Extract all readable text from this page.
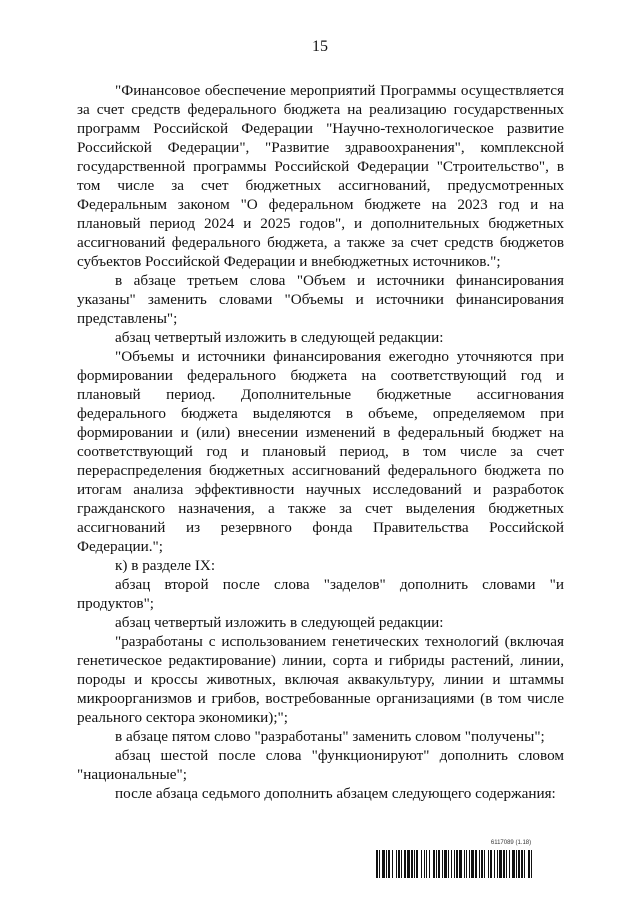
15

"Финансовое обеспечение мероприятий Программы осуществляется за счет средств федерального бюджета на реализацию государственных программ Российской Федерации "Научно-технологическое развитие Российской Федерации", "Развитие здравоохранения", комплексной государственной программы Российской Федерации "Строительство", в том числе за счет бюджетных ассигнований, предусмотренных Федеральным законом "О федеральном бюджете на 2023 год и на плановый период 2024 и 2025 годов", и дополнительных бюджетных ассигнований федерального бюджета, а также за счет средств бюджетов субъектов Российской Федерации и внебюджетных источников.";

в абзаце третьем слова "Объем и источники финансирования указаны" заменить словами "Объемы и источники финансирования представлены";

абзац четвертый изложить в следующей редакции:

"Объемы и источники финансирования ежегодно уточняются при формировании федерального бюджета на соответствующий год и плановый период. Дополнительные бюджетные ассигнования федерального бюджета выделяются в объеме, определяемом при формировании и (или) внесении изменений в федеральный бюджет на соответствующий год и плановый период, в том числе за счет перераспределения бюджетных ассигнований федерального бюджета по итогам анализа эффективности научных исследований и разработок гражданского назначения, а также за счет выделения бюджетных ассигнований из резервного фонда Правительства Российской Федерации.";

к) в разделе IX:

абзац второй после слова "заделов" дополнить словами "и продуктов";

абзац четвертый изложить в следующей редакции:

"разработаны с использованием генетических технологий (включая генетическое редактирование) линии, сорта и гибриды растений, линии, породы и кроссы животных, включая аквакультуру, линии и штаммы микроорганизмов и грибов, востребованные организациями (в том числе реального сектора экономики);";

в абзаце пятом слово "разработаны" заменить словом "получены";

абзац шестой после слова "функционируют" дополнить словом "национальные";

после абзаца седьмого дополнить абзацем следующего содержания:

6117089 (1.18)
